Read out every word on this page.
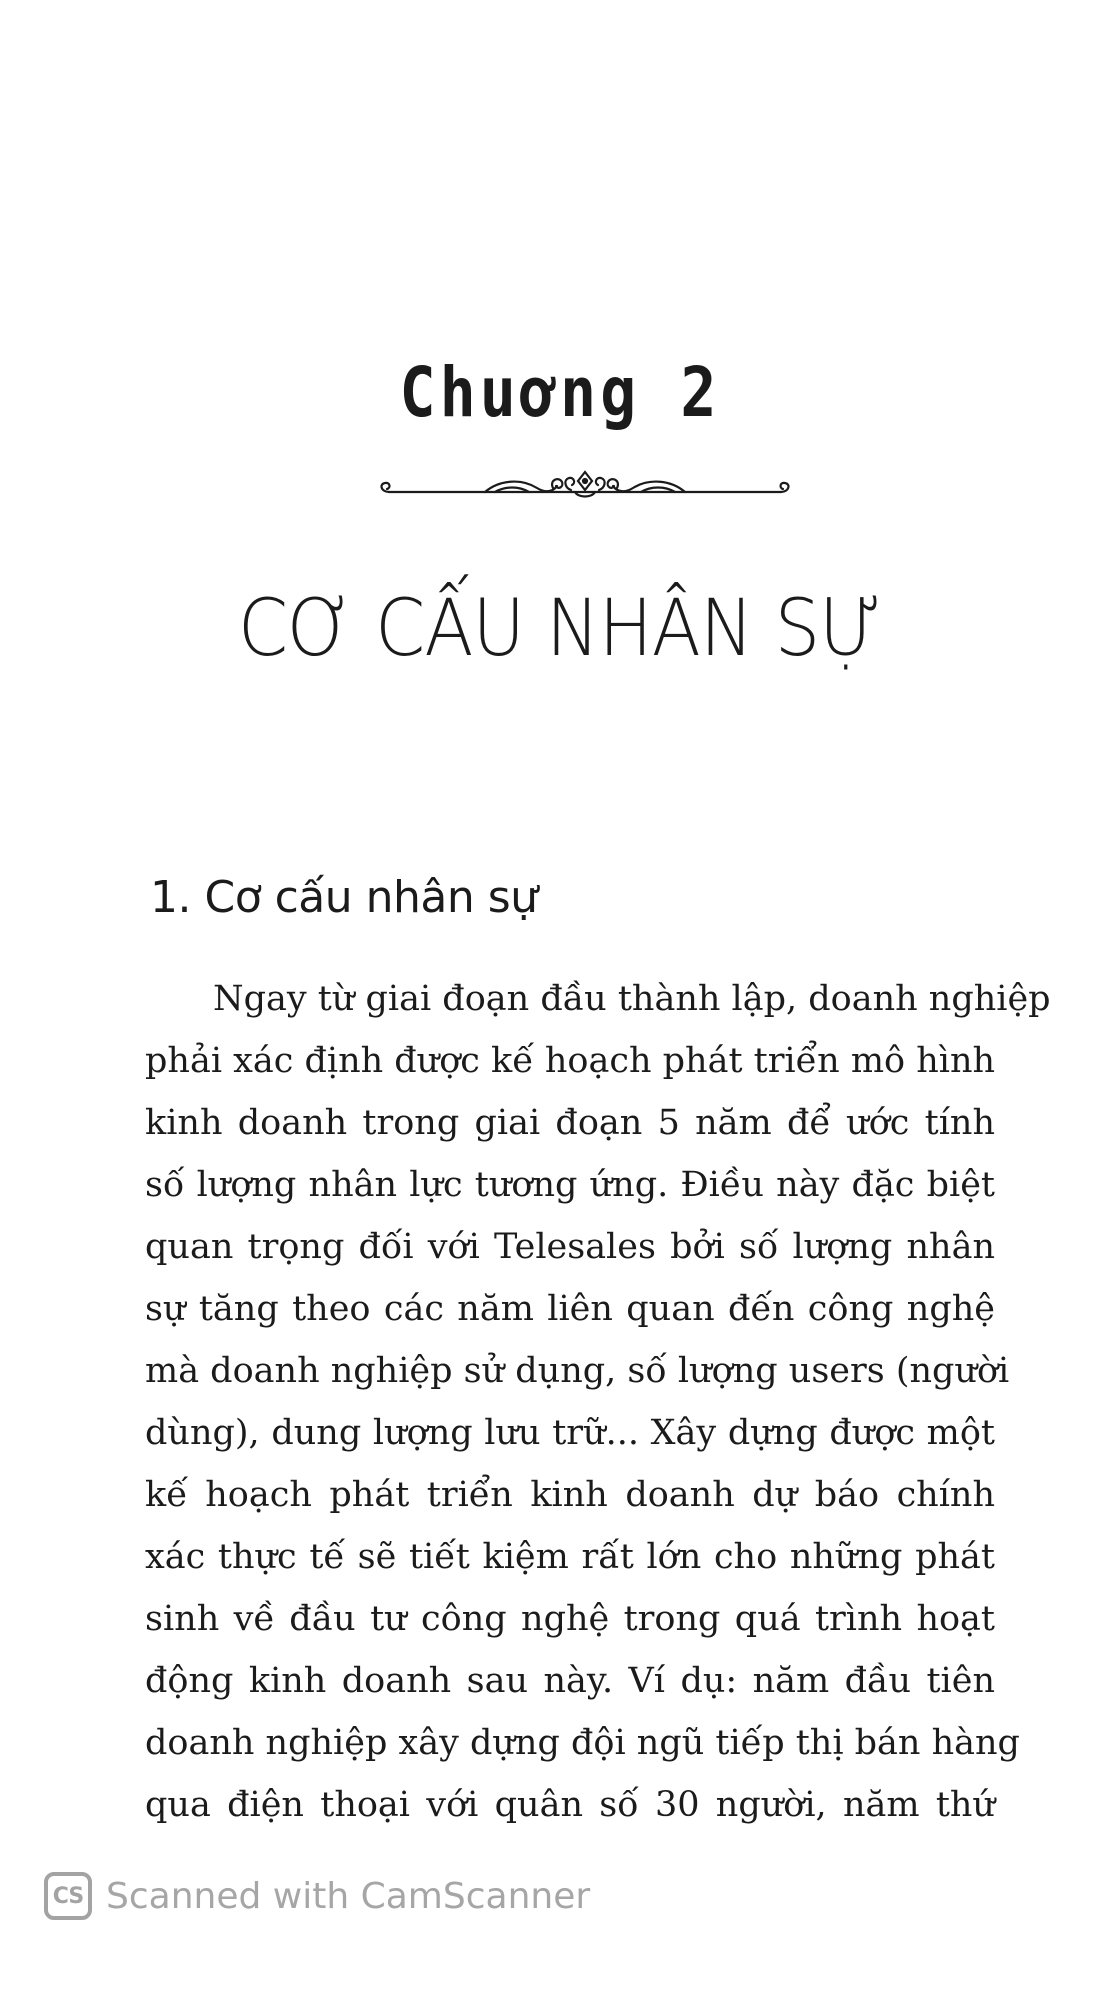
Chuơng 2
CƠ CẤU NHÂN SỰ
1. Cơ cấu nhân sự
Ngay từ giai đoạn đầu thành lập, doanh nghiệp
phải xác định được kế hoạch phát triển mô hình
kinh doanh trong giai đoạn 5 năm để ước tính
số lượng nhân lực tương ứng. Điều này đặc biệt
quan trọng đối với Telesales bởi số lượng nhân
sự tăng theo các năm liên quan đến công nghệ
mà doanh nghiệp sử dụng, số lượng users (người
dùng), dung lượng lưu trữ... Xây dựng được một
kế hoạch phát triển kinh doanh dự báo chính
xác thực tế sẽ tiết kiệm rất lớn cho những phát
sinh về đầu tư công nghệ trong quá trình hoạt
động kinh doanh sau này. Ví dụ: năm đầu tiên
doanh nghiệp xây dựng đội ngũ tiếp thị bán hàng
qua điện thoại với quân số 30 người, năm thứ
CS Scanned with CamScanner
